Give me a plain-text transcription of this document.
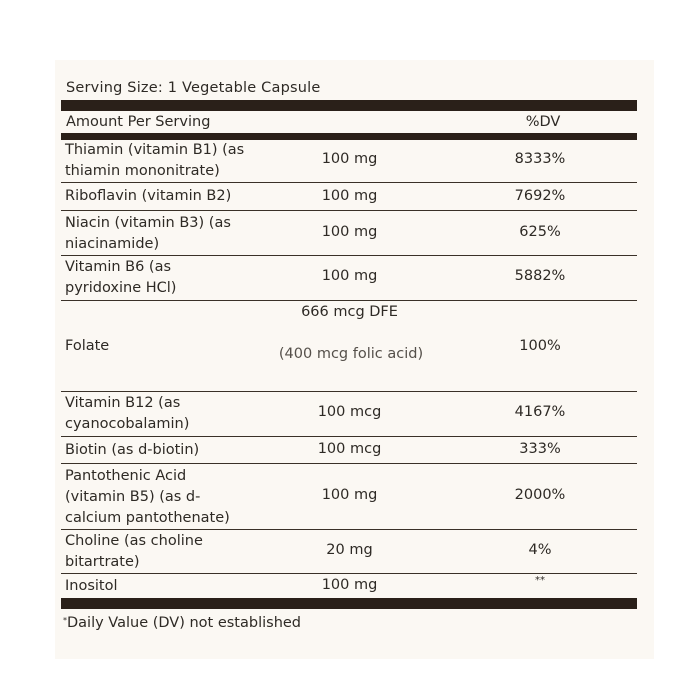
Serving Size: 1 Vegetable Capsule
Amount Per Serving	%DV
Thiamin (vitamin B1) (as
thiamin mononitrate)
100 mg	8333%
Riboflavin (vitamin B2)	100 mg	7692%
Niacin (vitamin B3) (as
niacinamide)
100 mg	625%
Vitamin B6 (as
pyridoxine HCl)
100 mg	5882%
Folate
666 mcg DFE
(400 mcg folic acid)	100%
Vitamin B12 (as
cyanocobalamin)
100 mcg	4167%
Biotin (as d-biotin)	100 mcg	333%
Pantothenic Acid
(vitamin B5) (as d-
calcium pantothenate)
100 mg	2000%
Choline (as choline
bitartrate)
20 mg	4%
Inositol	100 mg	**
*Daily Value (DV) not established
